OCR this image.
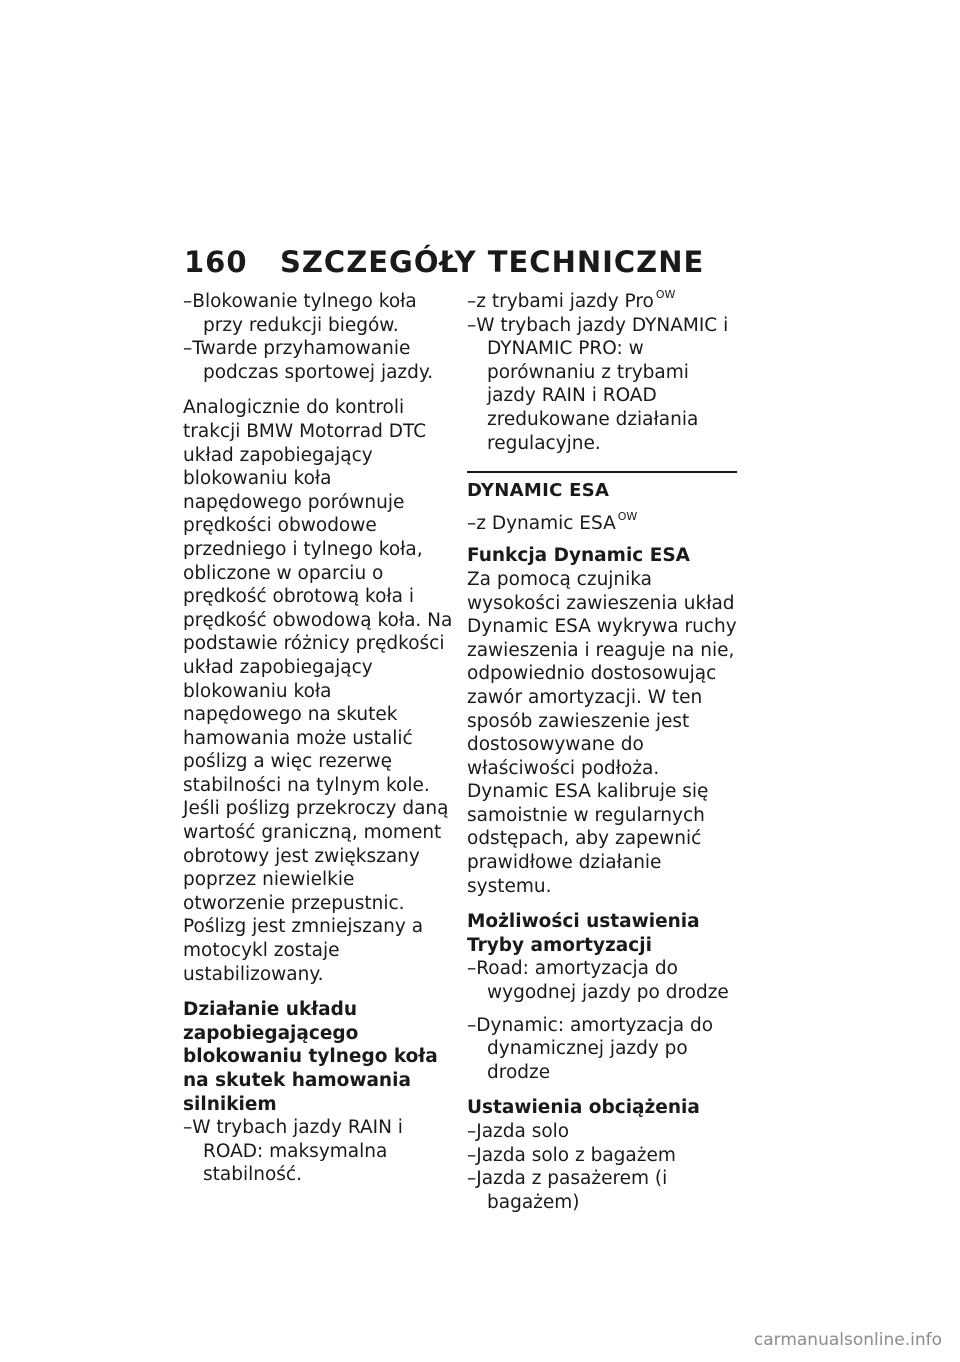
160 SZCZEGÓŁY TECHNICZNE

–Blokowanie tylnego koła przy redukcji biegów.

–Twarde przyhamowanie podczas sportowej jazdy.

Analogicznie do kontroli trakcji BMW Motorrad DTC układ zapobiegający blokowaniu koła napędowego porównuje prędkości obwodowe przedniego i tylnego koła, obliczone w oparciu o prędkość obrotową koła i prędkość obwodową koła. Na podstawie różnicy prędkości układ zapobiegający blokowaniu koła napędowego na skutek hamowania może ustalić poślizg a więc rezerwę stabilności na tylnym kole.

Jeśli poślizg przekroczy daną wartość graniczną, moment obrotowy jest zwiększany poprzez niewielkie otworzenie przepustnic. Poślizg jest zmniejszany a motocykl zostaje ustabilizowany.

Działanie układu zapobiegającego blokowaniu tylnego koła na skutek hamowania silnikiem

–W trybach jazdy RAIN i ROAD: maksymalna stabilność.

–z trybami jazdy Pro $^{OW}$

–W trybach jazdy DYNAMIC i DYNAMIC PRO: w porównaniu z trybami jazdy RAIN i ROAD zredukowane działania regulacyjne.

DYNAMIC ESA

–z Dynamic ESA $^{OW}$

Funkcja Dynamic ESA

Za pomocą czujnika wysokości zawieszenia układ Dynamic ESA wykrywa ruchy zawieszenia i reaguje na nie, odpowiednio dostosowując zawór amortyzacji. W ten sposób zawieszenie jest dostosowywane do właściwości podłoża.

Dynamic ESA kalibruje się samoistnie w regularnych odstępach, aby zapewnić prawidłowe działanie systemu.

Możliwości ustawienia

Tryby amortyzacji

–Road: amortyzacja do wygodnej jazdy po drodze

–Dynamic: amortyzacja do dynamicznej jazdy po drodze

Ustawienia obciążenia

–Jazda solo

–Jazda solo z bagażem

–Jazda z pasażerem (i bagażem)

carmanualsonline.info
